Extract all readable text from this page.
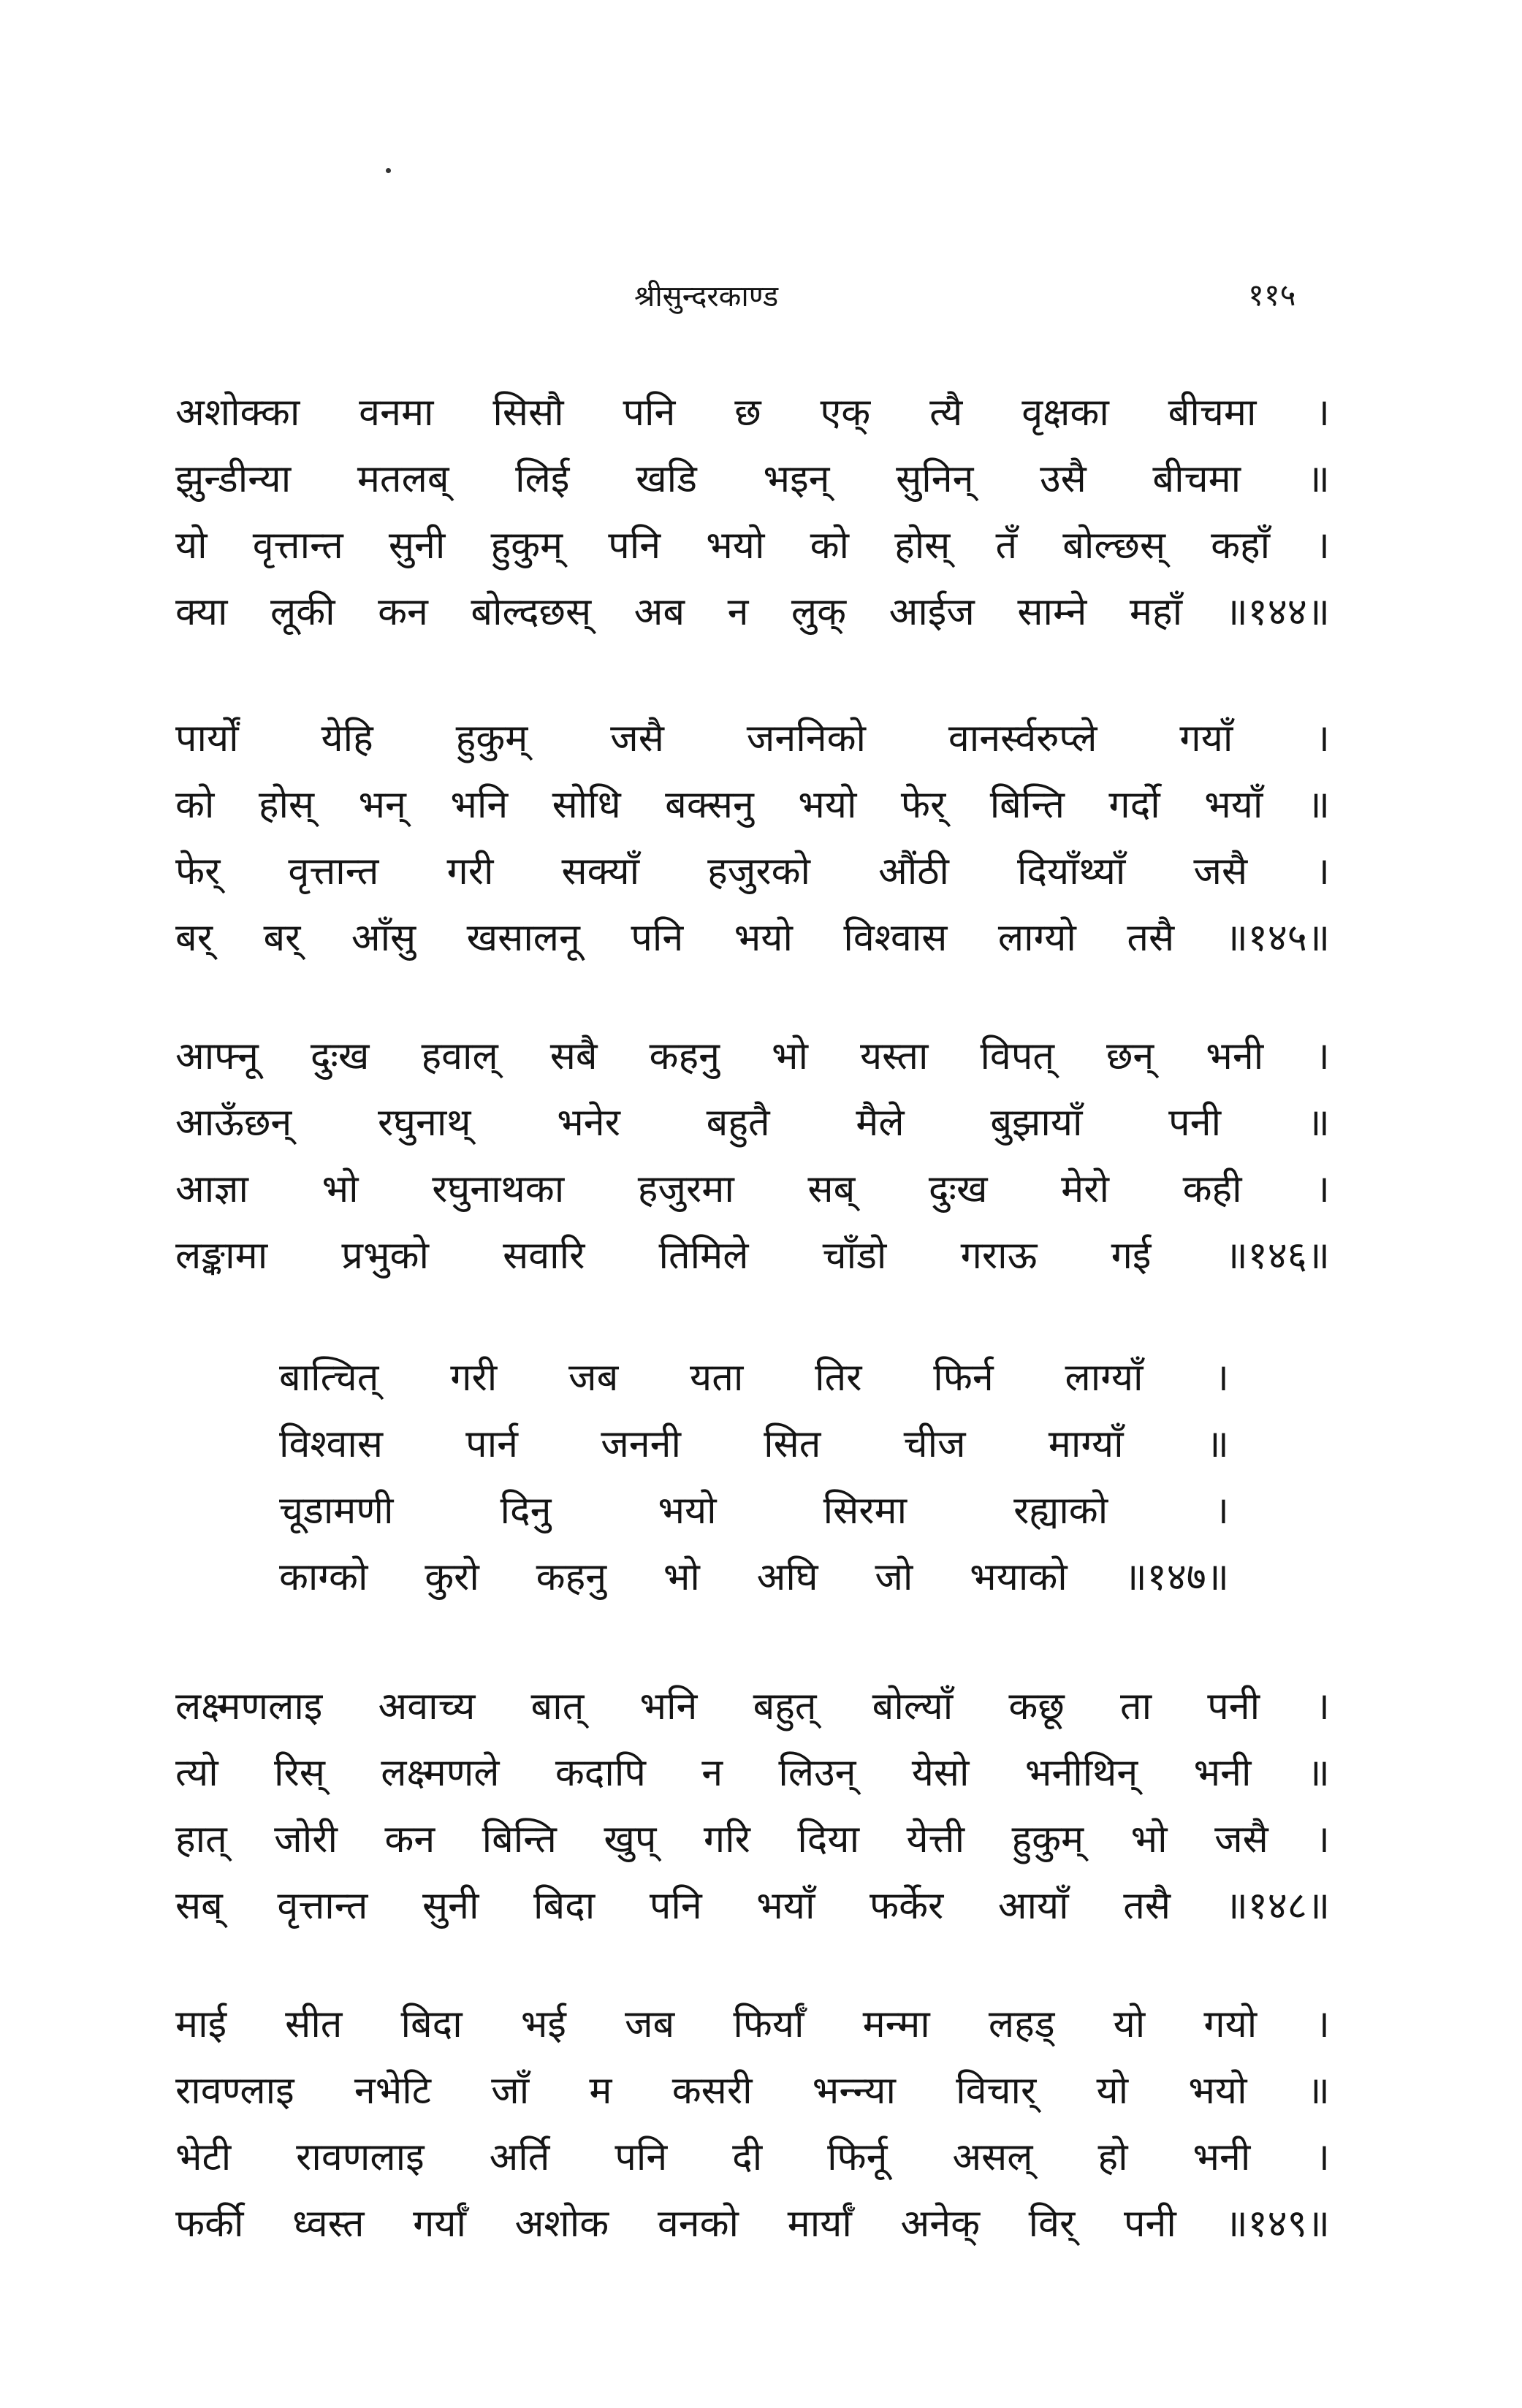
श्रीसुन्दरकाण्ड	११५
अशोक्का वनमा सिसौ पनि छ एक् त्यै वृक्षका बीचमा ।
झुन्डीन्या मतलब् लिई खडि भइन् सुनिन् उसै बीचमा ॥
यो वृत्तान्त सुनी हुकुम् पनि भयो को होस् तँ बोल्छस् कहाँ ।
क्या लूकी कन बोल्दछस् अब न लुक् आईज साम्ने महाँ ॥१४४॥
पार्यों येहि हुकुम् जसै जननिको वानर्स्वरुप्ले गयाँ ।
को होस् भन् भनि सोधि बक्सनु भयो फेर् बिन्ति गर्दो भयाँ ॥
फेर् वृत्तान्त गरी सक्याँ हजुरको औंठी दियाँथ्याँ जसै ।
बर् बर् आँसु खसालनू पनि भयो विश्वास लाग्यो तसै ॥१४५॥
आफ्नू दुःख हवाल् सबै कहनु भो यस्ता विपत् छन् भनी ।
आऊँछन् रघुनाथ् भनेर बहुतै मैले बुझायाँ पनी ॥
आज्ञा भो रघुनाथका हजुरमा सब् दुःख मेरो कही ।
लङ्कामा प्रभुको सवारि तिमिले चाँडो गराऊ गई ॥१४६॥
बात्चित् गरी जब यता तिर फिर्न लाग्याँ ।
विश्वास पार्न जननी सित चीज माग्याँ ॥
चूडामणी	दिनु	भयो	सिरमा	रह्याको	।
काग्को कुरो कहनु भो अघि जो भयाको ॥१४७॥
लक्ष्मणलाइ अवाच्य बात् भनि बहुत् बोल्याँ कछू ता पनी ।
त्यो रिस् लक्ष्मणले कदापि न लिउन् येसो भनीथिन् भनी ॥
हात् जोरी कन बिन्ति खुप् गरि दिया येत्ती हुकुम् भो जसै ।
सब् वृत्तान्त सुनी बिदा पनि भयाँ फर्केर आयाँ तसै ॥१४८॥
माई सीत बिदा भई जब फिर्याँ मन्मा लहड् यो गयो ।
रावण्लाइ नभेटि जाँ म कसरी भन्न्या विचार् यो भयो ॥
भेटी रावणलाइ अर्ति पनि दी फिर्नू असल् हो भनी ।
फर्की ध्वस्त गर्याँ अशोक वनको मार्याँ अनेक् विर् पनी ॥१४९॥
